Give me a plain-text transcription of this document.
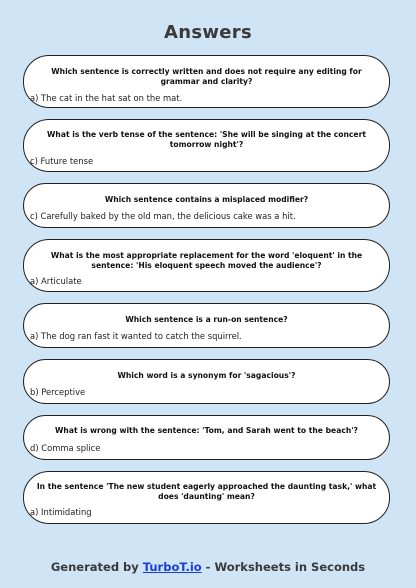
Answers
Which sentence is correctly written and does not require any editing for grammar and clarity?
a) The cat in the hat sat on the mat.
What is the verb tense of the sentence: 'She will be singing at the concert tomorrow night'?
c) Future tense
Which sentence contains a misplaced modifier?
c) Carefully baked by the old man, the delicious cake was a hit.
What is the most appropriate replacement for the word 'eloquent' in the sentence: 'His eloquent speech moved the audience'?
a) Articulate
Which sentence is a run-on sentence?
a) The dog ran fast it wanted to catch the squirrel.
Which word is a synonym for 'sagacious'?
b) Perceptive
What is wrong with the sentence: 'Tom, and Sarah went to the beach'?
d) Comma splice
In the sentence 'The new student eagerly approached the daunting task,' what does 'daunting' mean?
a) Intimidating
Generated by TurboT.io - Worksheets in Seconds
